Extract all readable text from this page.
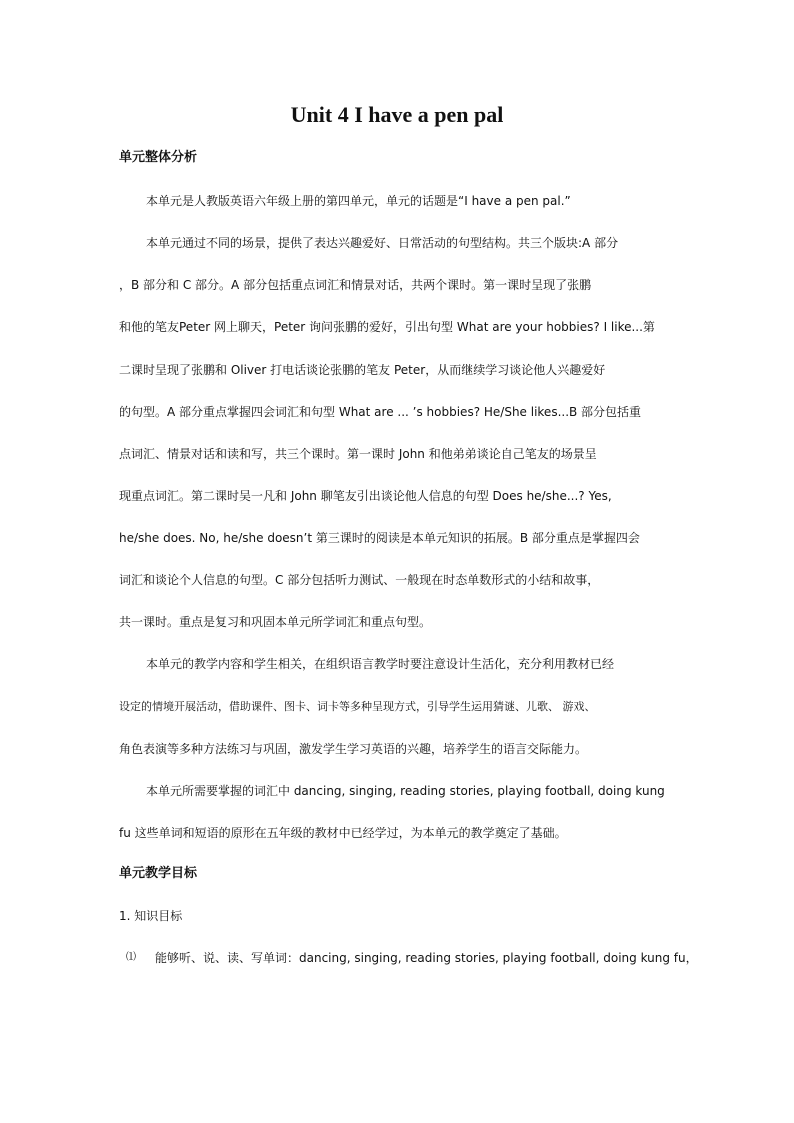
Unit 4 I have a pen pal
单元整体分析

本单元是人教版英语六年级上册的第四单元，单元的话题是“I have a pen pal.”

本单元通过不同的场景，提供了表达兴趣爱好、日常活动的句型结构。共三个版块:A 部分

，B 部分和 C 部分。A 部分包括重点词汇和情景对话，共两个课时。第一课时呈现了张鹏

和他的笔友Peter 网上聊天，Peter 询问张鹏的爱好，引出句型 What are your hobbies? I like...第

二课时呈现了张鹏和 Oliver 打电话谈论张鹏的笔友 Peter，从而继续学习谈论他人兴趣爱好

的句型。A 部分重点掌握四会词汇和句型 What are ... ’s hobbies? He/She likes...B 部分包括重

点词汇、情景对话和读和写，共三个课时。第一课时 John 和他弟弟谈论自己笔友的场景呈

现重点词汇。第二课时吴一凡和 John 聊笔友引出谈论他人信息的句型 Does he/she...? Yes,

he/she does. No, he/she doesn’t 第三课时的阅读是本单元知识的拓展。B 部分重点是掌握四会

词汇和谈论个人信息的句型。C 部分包括听力测试、一般现在时态单数形式的小结和故事，

共一课时。重点是复习和巩固本单元所学词汇和重点句型。

本单元的教学内容和学生相关，在组织语言教学时要注意设计生活化，充分利用教材已经

设定的情境开展活动，借助课件、图卡、词卡等多种呈现方式，引导学生运用猜谜、儿歌、 游戏、

角色表演等多种方法练习与巩固，激发学生学习英语的兴趣，培养学生的语言交际能力。

本单元所需要掌握的词汇中 dancing, singing, reading stories, playing football, doing kung

fu 这些单词和短语的原形在五年级的教材中已经学过，为本单元的教学奠定了基础。

单元教学目标

1. 知识目标

⑴ 能够听、说、读、写单词：dancing, singing, reading stories, playing football, doing kung fu，
